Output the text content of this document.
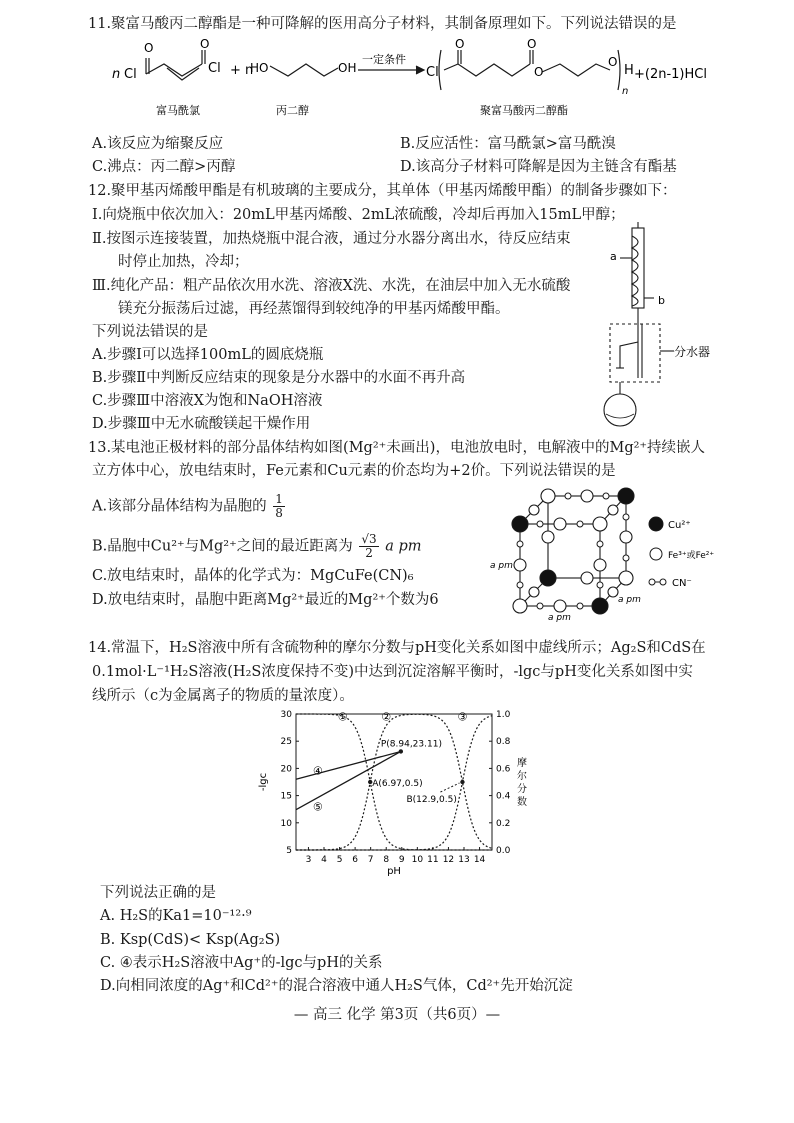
11.聚富马酸丙二醇酯是一种可降解的医用高分子材料，其制备原理如下。下列说法错误的是
n Cl
O	O
Cl + n
HO	OH
一定条件
Cl
O	O
O
O
H
n
+(2n-1)HCl
富马酰氯	丙二醇	聚富马酸丙二醇酯
A.该反应为缩聚反应	B.反应活性：富马酰氯>富马酰溴
C.沸点：丙二醇>丙醇	D.该高分子材料可降解是因为主链含有酯基
12.聚甲基丙烯酸甲酯是有机玻璃的主要成分，其单体（甲基丙烯酸甲酯）的制备步骤如下：
Ⅰ.向烧瓶中依次加入：20mL甲基丙烯酸、2mL浓硫酸，冷却后再加入15mL甲醇；
Ⅱ.按图示连接装置，加热烧瓶中混合液，通过分水器分离出水，待反应结束
时停止加热，冷却；
Ⅲ.纯化产品：粗产品依次用水洗、溶液X洗、水洗，在油层中加入无水硫酸
镁充分振荡后过滤，再经蒸馏得到较纯净的甲基丙烯酸甲酯。
下列说法错误的是
A.步骤Ⅰ可以选择100mL的圆底烧瓶
B.步骤Ⅱ中判断反应结束的现象是分水器中的水面不再升高
C.步骤Ⅲ中溶液X为饱和NaOH溶液
D.步骤Ⅲ中无水硫酸镁起干燥作用
a
b
分水器
13.某电池正极材料的部分晶体结构如图(Mg²⁺未画出)，电池放电时，电解液中的Mg²⁺持续嵌人
立方体中心，放电结束时，Fe元素和Cu元素的价态均为+2价。下列说法错误的是
A.该部分晶体结构为晶胞的 $\frac{1}{8}$
B.晶胞中Cu²⁺与Mg²⁺之间的最近距离为 $\frac{√3}{2}$ a pm
C.放电结束时，晶体的化学式为：MgCuFe(CN)₆
D.放电结束时，晶胞中距离Mg²⁺最近的Mg²⁺个数为6
a pm
a pm
a pm
Cu²⁺
Fe³⁺或Fe²⁺
CN⁻
14.常温下，H₂S溶液中所有含硫物种的摩尔分数与pH变化关系如图中虚线所示；Ag₂S和CdS在
0.1mol·L⁻¹H₂S溶液(H₂S浓度保持不变)中达到沉淀溶解平衡时，-lgc与pH变化关系如图中实
线所示（c为金属离子的物质的量浓度）。
3 4 5 6 7 8 9 10 11 12 13 14
5
10
15
20
25
30
0.0
0.2
0.4
0.6
0.8
1.0
pH
-lgc
摩
尔
分
数
①	②	③
④
⑤
P(8.94,23.11)
A(6.97,0.5)
B(12.9,0.5)
下列说法正确的是
A. H₂S的Ka1=10⁻¹²·⁹
B. Ksp(CdS)< Ksp(Ag₂S)
C. ④表示H₂S溶液中Ag⁺的-lgc与pH的关系
D.向相同浓度的Ag⁺和Cd²⁺的混合溶液中通人H₂S气体，Cd²⁺先开始沉淀
— 高三 化学 第3页（共6页）—
